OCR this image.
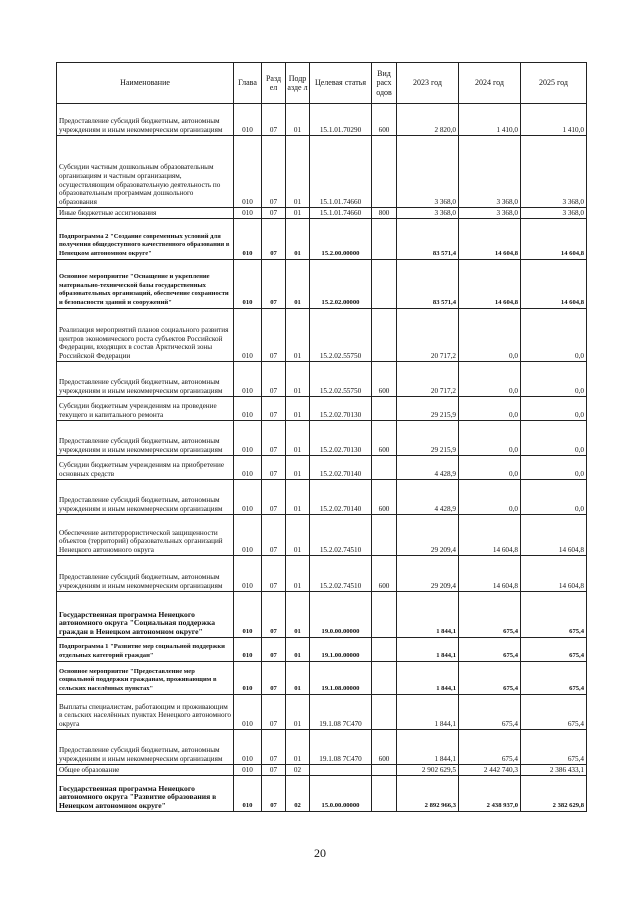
Наименование	Глава	Разд ел	Подр азде л	Целевая статья	Вид расх одов	2023 год	2024 год	2025 год
Предоставление субсидий бюджетным, автономным учреждениям и иным некоммерческим организациям	010	07	01	15.1.01.70290	600	2 820,0	1 410,0	1 410,0
Субсидии частным дошкольным образовательным организациям и частным организациям, осуществляющим образовательную деятельность по образовательным программам дошкольного образования	010	07	01	15.1.01.74660		3 368,0	3 368,0	3 368,0
Иные бюджетные ассигнования	010	07	01	15.1.01.74660	800	3 368,0	3 368,0	3 368,0
Подпрограмма 2 "Создание современных условий для получения общедоступного качественного образования в Ненецком автономном округе"	010	07	01	15.2.00.00000		83 571,4	14 604,8	14 604,8
Основное мероприятие "Оснащение и укрепление материально-технической базы государственных образовательных организаций, обеспечение сохранности и безопасности зданий и сооружений"	010	07	01	15.2.02.00000		83 571,4	14 604,8	14 604,8
Реализация мероприятий планов социального развития центров экономического роста субъектов Российской Федерации, входящих в состав Арктической зоны Российской Федерации	010	07	01	15.2.02.55750		20 717,2	0,0	0,0
Предоставление субсидий бюджетным, автономным учреждениям и иным некоммерческим организациям	010	07	01	15.2.02.55750	600	20 717,2	0,0	0,0
Субсидии бюджетным учреждениям на проведение текущего и капитального ремонта	010	07	01	15.2.02.70130		29 215,9	0,0	0,0
Предоставление субсидий бюджетным, автономным учреждениям и иным некоммерческим организациям	010	07	01	15.2.02.70130	600	29 215,9	0,0	0,0
Субсидии бюджетным учреждениям на приобретение основных средств	010	07	01	15.2.02.70140		4 428,9	0,0	0,0
Предоставление субсидий бюджетным, автономным учреждениям и иным некоммерческим организациям	010	07	01	15.2.02.70140	600	4 428,9	0,0	0,0
Обеспечение антитеррористической защищенности объектов (территорий) образовательных организаций Ненецкого автономного округа	010	07	01	15.2.02.74510		29 209,4	14 604,8	14 604,8
Предоставление субсидий бюджетным, автономным учреждениям и иным некоммерческим организациям	010	07	01	15.2.02.74510	600	29 209,4	14 604,8	14 604,8
Государственная программа Ненецкого автономного округа "Социальная поддержка граждан в Ненецком автономном округе"	010	07	01	19.0.00.00000		1 844,1	675,4	675,4
Подпрограмма 1 "Развитие мер социальной поддержки отдельных категорий граждан"	010	07	01	19.1.00.00000		1 844,1	675,4	675,4
Основное мероприятие "Предоставление мер социальной поддержки гражданам, проживающим в сельских населённых пунктах"	010	07	01	19.1.08.00000		1 844,1	675,4	675,4
Выплаты специалистам, работающим и проживающим в сельских населённых пунктах Ненецкого автономного округа	010	07	01	19.1.08 7С470		1 844,1	675,4	675,4
Предоставление субсидий бюджетным, автономным учреждениям и иным некоммерческим организациям	010	07	01	19.1.08 7С470	600	1 844,1	675,4	675,4
Общее образование	010	07	02			2 902 629,5	2 442 740,3	2 386 433,1
Государственная программа Ненецкого автономного округа "Развитие образования в Ненецком автономном округе"	010	07	02	15.0.00.00000		2 892 966,3	2 438 937,0	2 382 629,8
20
